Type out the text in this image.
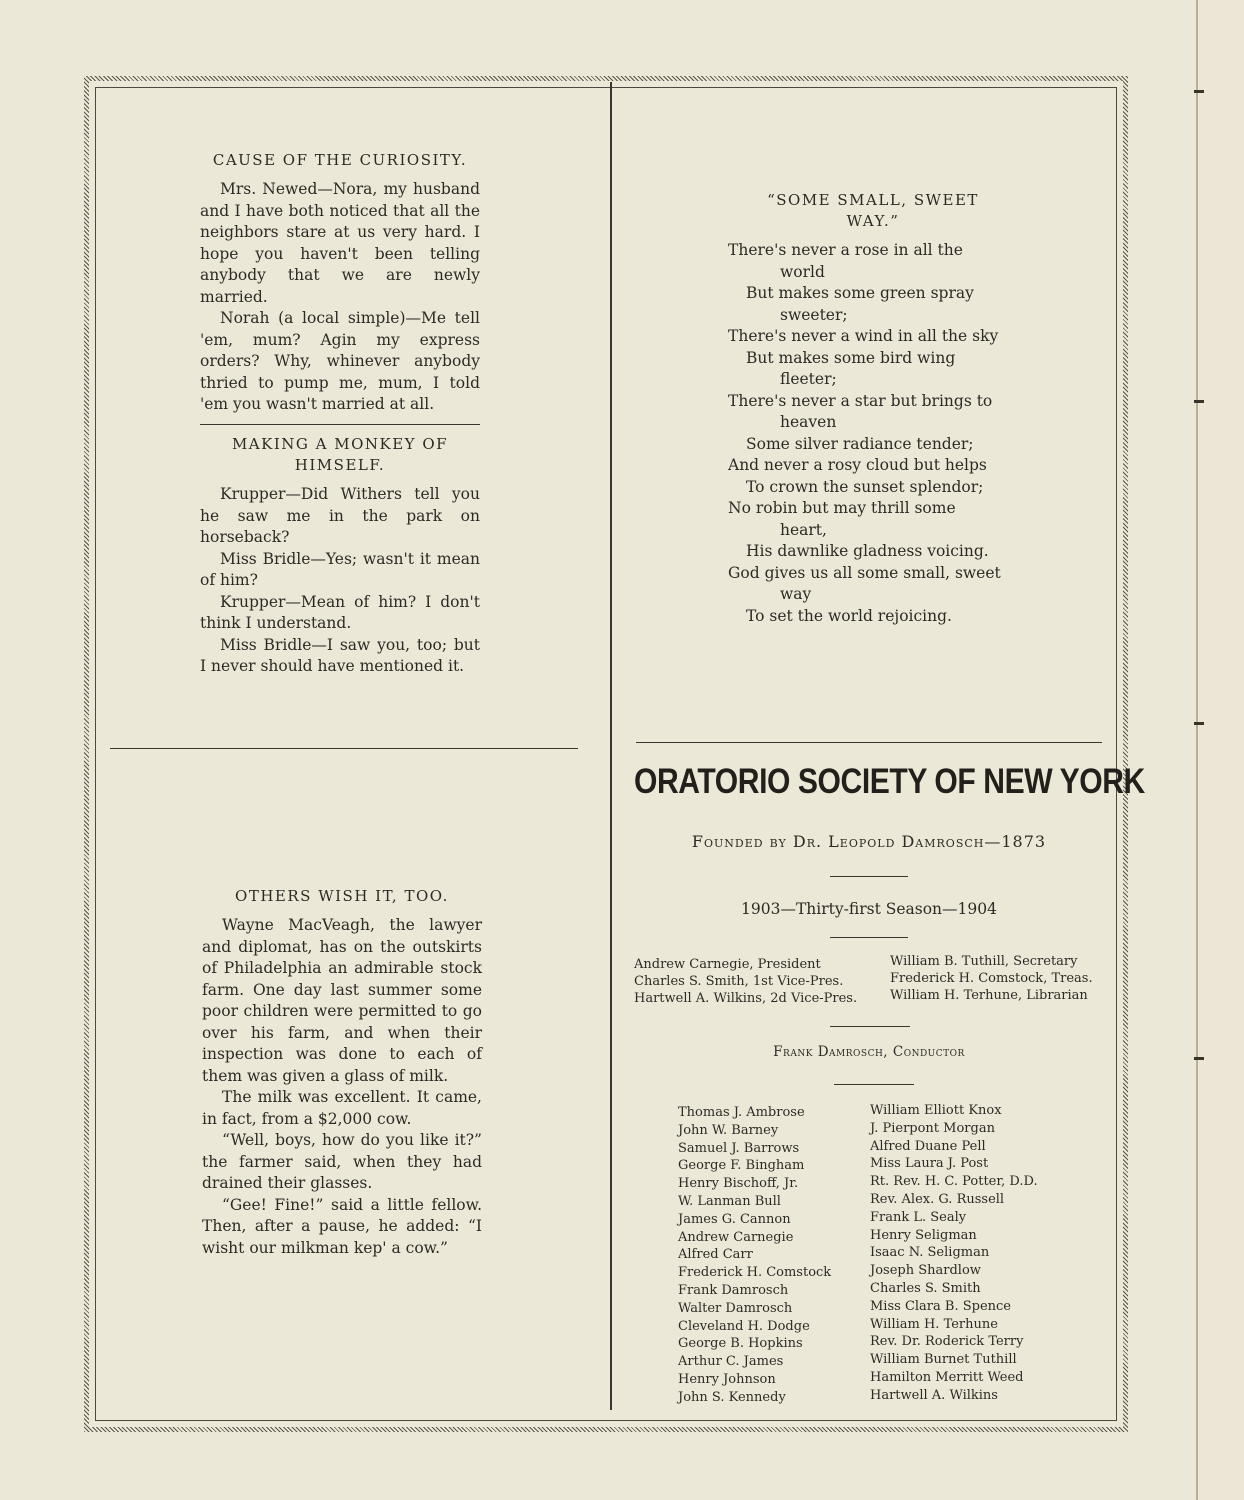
CAUSE OF THE CURIOSITY.

Mrs. Newed—Nora, my husband and I have both noticed that all the neighbors stare at us very hard. I hope you haven't been telling anybody that we are newly married.

Norah (a local simple)—Me tell 'em, mum? Agin my express orders? Why, whinever anybody thried to pump me, mum, I told 'em you wasn't married at all.

MAKING A MONKEY OF HIMSELF.

Krupper—Did Withers tell you he saw me in the park on horseback?

Miss Bridle—Yes; wasn't it mean of him?

Krupper—Mean of him? I don't think I understand.

Miss Bridle—I saw you, too; but I never should have mentioned it.

OTHERS WISH IT, TOO.

Wayne MacVeagh, the lawyer and diplomat, has on the outskirts of Philadelphia an admirable stock farm. One day last summer some poor children were permitted to go over his farm, and when their inspection was done to each of them was given a glass of milk.

The milk was excellent. It came, in fact, from a $2,000 cow.

“Well, boys, how do you like it?” the farmer said, when they had drained their glasses.

“Gee! Fine!” said a little fellow. Then, after a pause, he added: “I wisht our milkman kep' a cow.”

“SOME SMALL, SWEET

WAY.”

There's never a rose in all the
world
But makes some green spray
sweeter;
There's never a wind in all the sky
But makes some bird wing
fleeter;
There's never a star but brings to
heaven
Some silver radiance tender;
And never a rosy cloud but helps
To crown the sunset splendor;
No robin but may thrill some
heart,
His dawnlike gladness voicing.
God gives us all some small, sweet
way
To set the world rejoicing.
ORATORIO SOCIETY OF NEW YORK
Founded by Dr. Leopold Damrosch—1873
1903—Thirty-first Season—1904
Andrew Carnegie, President
Charles S. Smith, 1st Vice-Pres.
Hartwell A. Wilkins, 2d Vice-Pres.
William B. Tuthill, Secretary
Frederick H. Comstock, Treas.
William H. Terhune, Librarian
Frank Damrosch, Conductor
Thomas J. Ambrose
John W. Barney
Samuel J. Barrows
George F. Bingham
Henry Bischoff, Jr.
W. Lanman Bull
James G. Cannon
Andrew Carnegie
Alfred Carr
Frederick H. Comstock
Frank Damrosch
Walter Damrosch
Cleveland H. Dodge
George B. Hopkins
Arthur C. James
Henry Johnson
John S. Kennedy
William Elliott Knox
J. Pierpont Morgan
Alfred Duane Pell
Miss Laura J. Post
Rt. Rev. H. C. Potter, D.D.
Rev. Alex. G. Russell
Frank L. Sealy
Henry Seligman
Isaac N. Seligman
Joseph Shardlow
Charles S. Smith
Miss Clara B. Spence
William H. Terhune
Rev. Dr. Roderick Terry
William Burnet Tuthill
Hamilton Merritt Weed
Hartwell A. Wilkins
